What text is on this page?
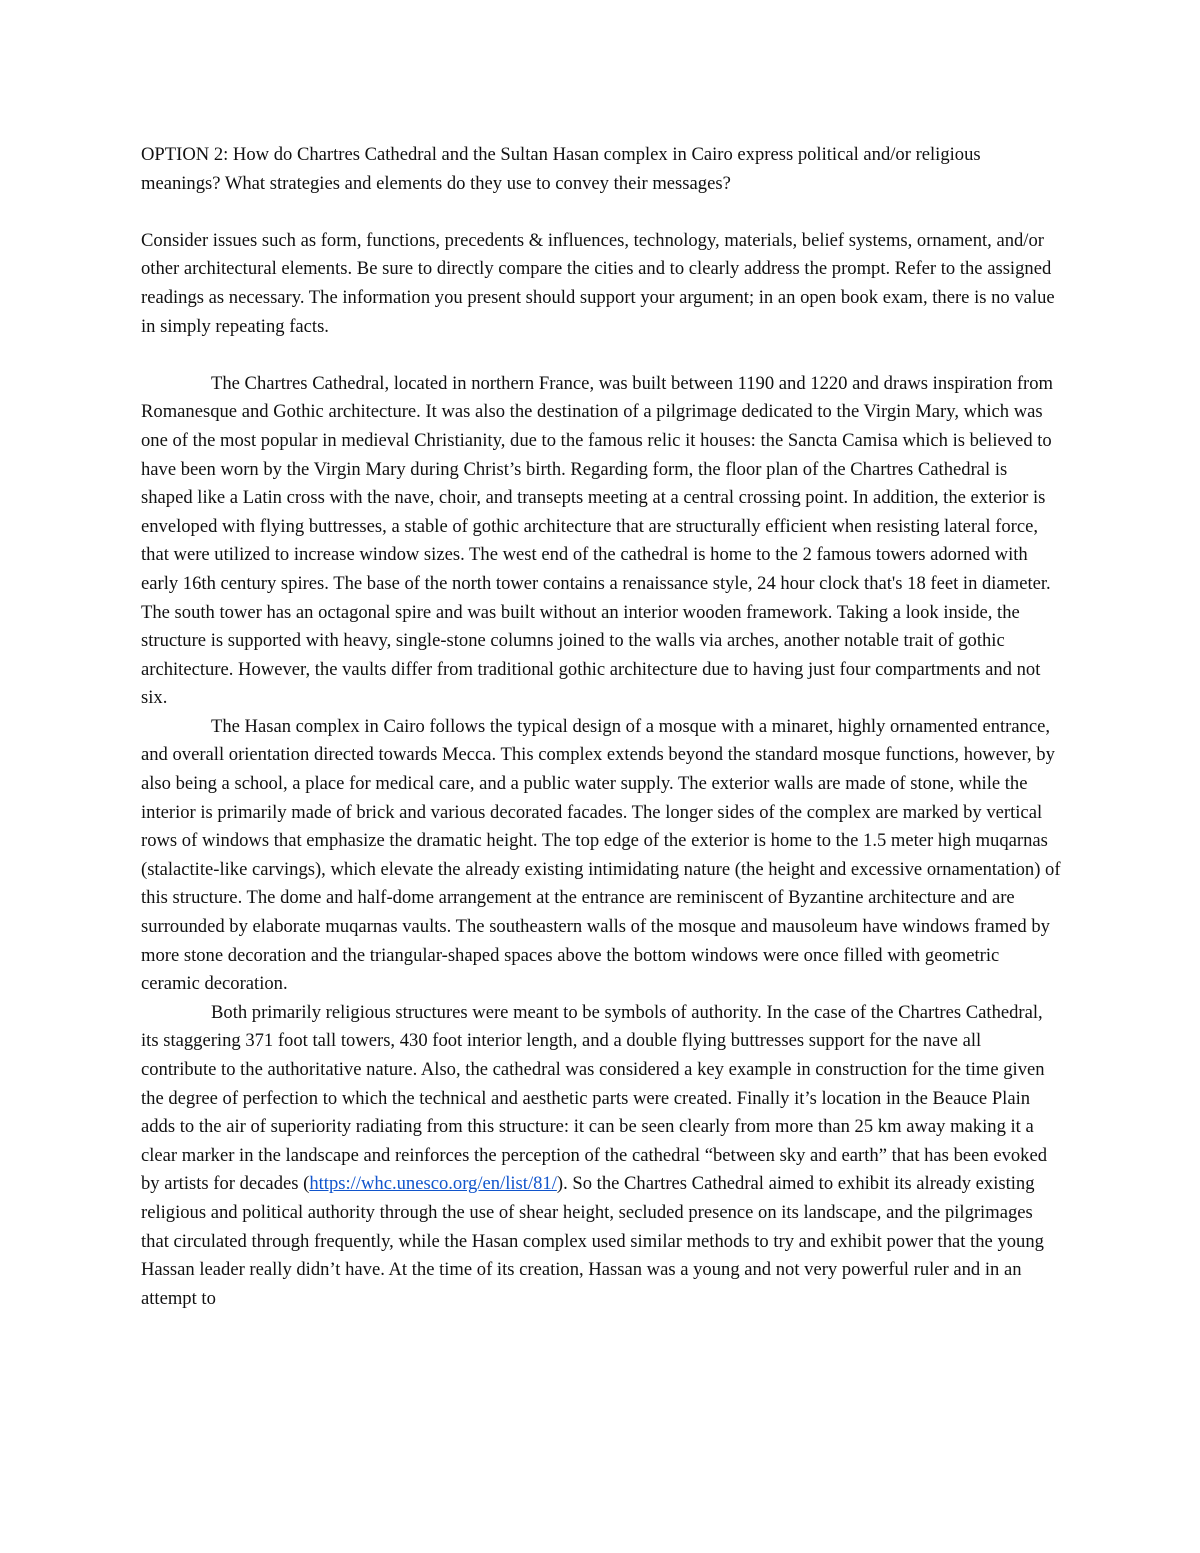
OPTION 2: How do Chartres Cathedral and the Sultan Hasan complex in Cairo express political and/or religious meanings? What strategies and elements do they use to convey their messages?

Consider issues such as form, functions, precedents & influences, technology, materials, belief systems, ornament, and/or other architectural elements. Be sure to directly compare the cities and to clearly address the prompt. Refer to the assigned readings as necessary. The information you present should support your argument; in an open book exam, there is no value in simply repeating facts.

The Chartres Cathedral, located in northern France, was built between 1190 and 1220 and draws inspiration from Romanesque and Gothic architecture. It was also the destination of a pilgrimage dedicated to the Virgin Mary, which was one of the most popular in medieval Christianity, due to the famous relic it houses: the Sancta Camisa which is believed to have been worn by the Virgin Mary during Christ’s birth. Regarding form, the floor plan of the Chartres Cathedral is shaped like a Latin cross with the nave, choir, and transepts meeting at a central crossing point. In addition, the exterior is enveloped with flying buttresses, a stable of gothic architecture that are structurally efficient when resisting lateral force, that were utilized to increase window sizes. The west end of the cathedral is home to the 2 famous towers adorned with early 16th century spires. The base of the north tower contains a renaissance style, 24 hour clock that's 18 feet in diameter. The south tower has an octagonal spire and was built without an interior wooden framework. Taking a look inside, the structure is supported with heavy, single-stone columns joined to the walls via arches, another notable trait of gothic architecture. However, the vaults differ from traditional gothic architecture due to having just four compartments and not six.

The Hasan complex in Cairo follows the typical design of a mosque with a minaret, highly ornamented entrance, and overall orientation directed towards Mecca. This complex extends beyond the standard mosque functions, however, by also being a school, a place for medical care, and a public water supply. The exterior walls are made of stone, while the interior is primarily made of brick and various decorated facades. The longer sides of the complex are marked by vertical rows of windows that emphasize the dramatic height. The top edge of the exterior is home to the 1.5 meter high muqarnas (stalactite-like carvings), which elevate the already existing intimidating nature (the height and excessive ornamentation) of this structure. The dome and half-dome arrangement at the entrance are reminiscent of Byzantine architecture and are surrounded by elaborate muqarnas vaults. The southeastern walls of the mosque and mausoleum have windows framed by more stone decoration and the triangular-shaped spaces above the bottom windows were once filled with geometric ceramic decoration.

Both primarily religious structures were meant to be symbols of authority. In the case of the Chartres Cathedral, its staggering 371 foot tall towers, 430 foot interior length, and a double flying buttresses support for the nave all contribute to the authoritative nature. Also, the cathedral was considered a key example in construction for the time given the degree of perfection to which the technical and aesthetic parts were created. Finally it’s location in the Beauce Plain adds to the air of superiority radiating from this structure: it can be seen clearly from more than 25 km away making it a clear marker in the landscape and reinforces the perception of the cathedral “between sky and earth” that has been evoked by artists for decades (https://whc.unesco.org/en/list/81/). So the Chartres Cathedral aimed to exhibit its already existing religious and political authority through the use of shear height, secluded presence on its landscape, and the pilgrimages that circulated through frequently, while the Hasan complex used similar methods to try and exhibit power that the young Hassan leader really didn’t have. At the time of its creation, Hassan was a young and not very powerful ruler and in an attempt to
